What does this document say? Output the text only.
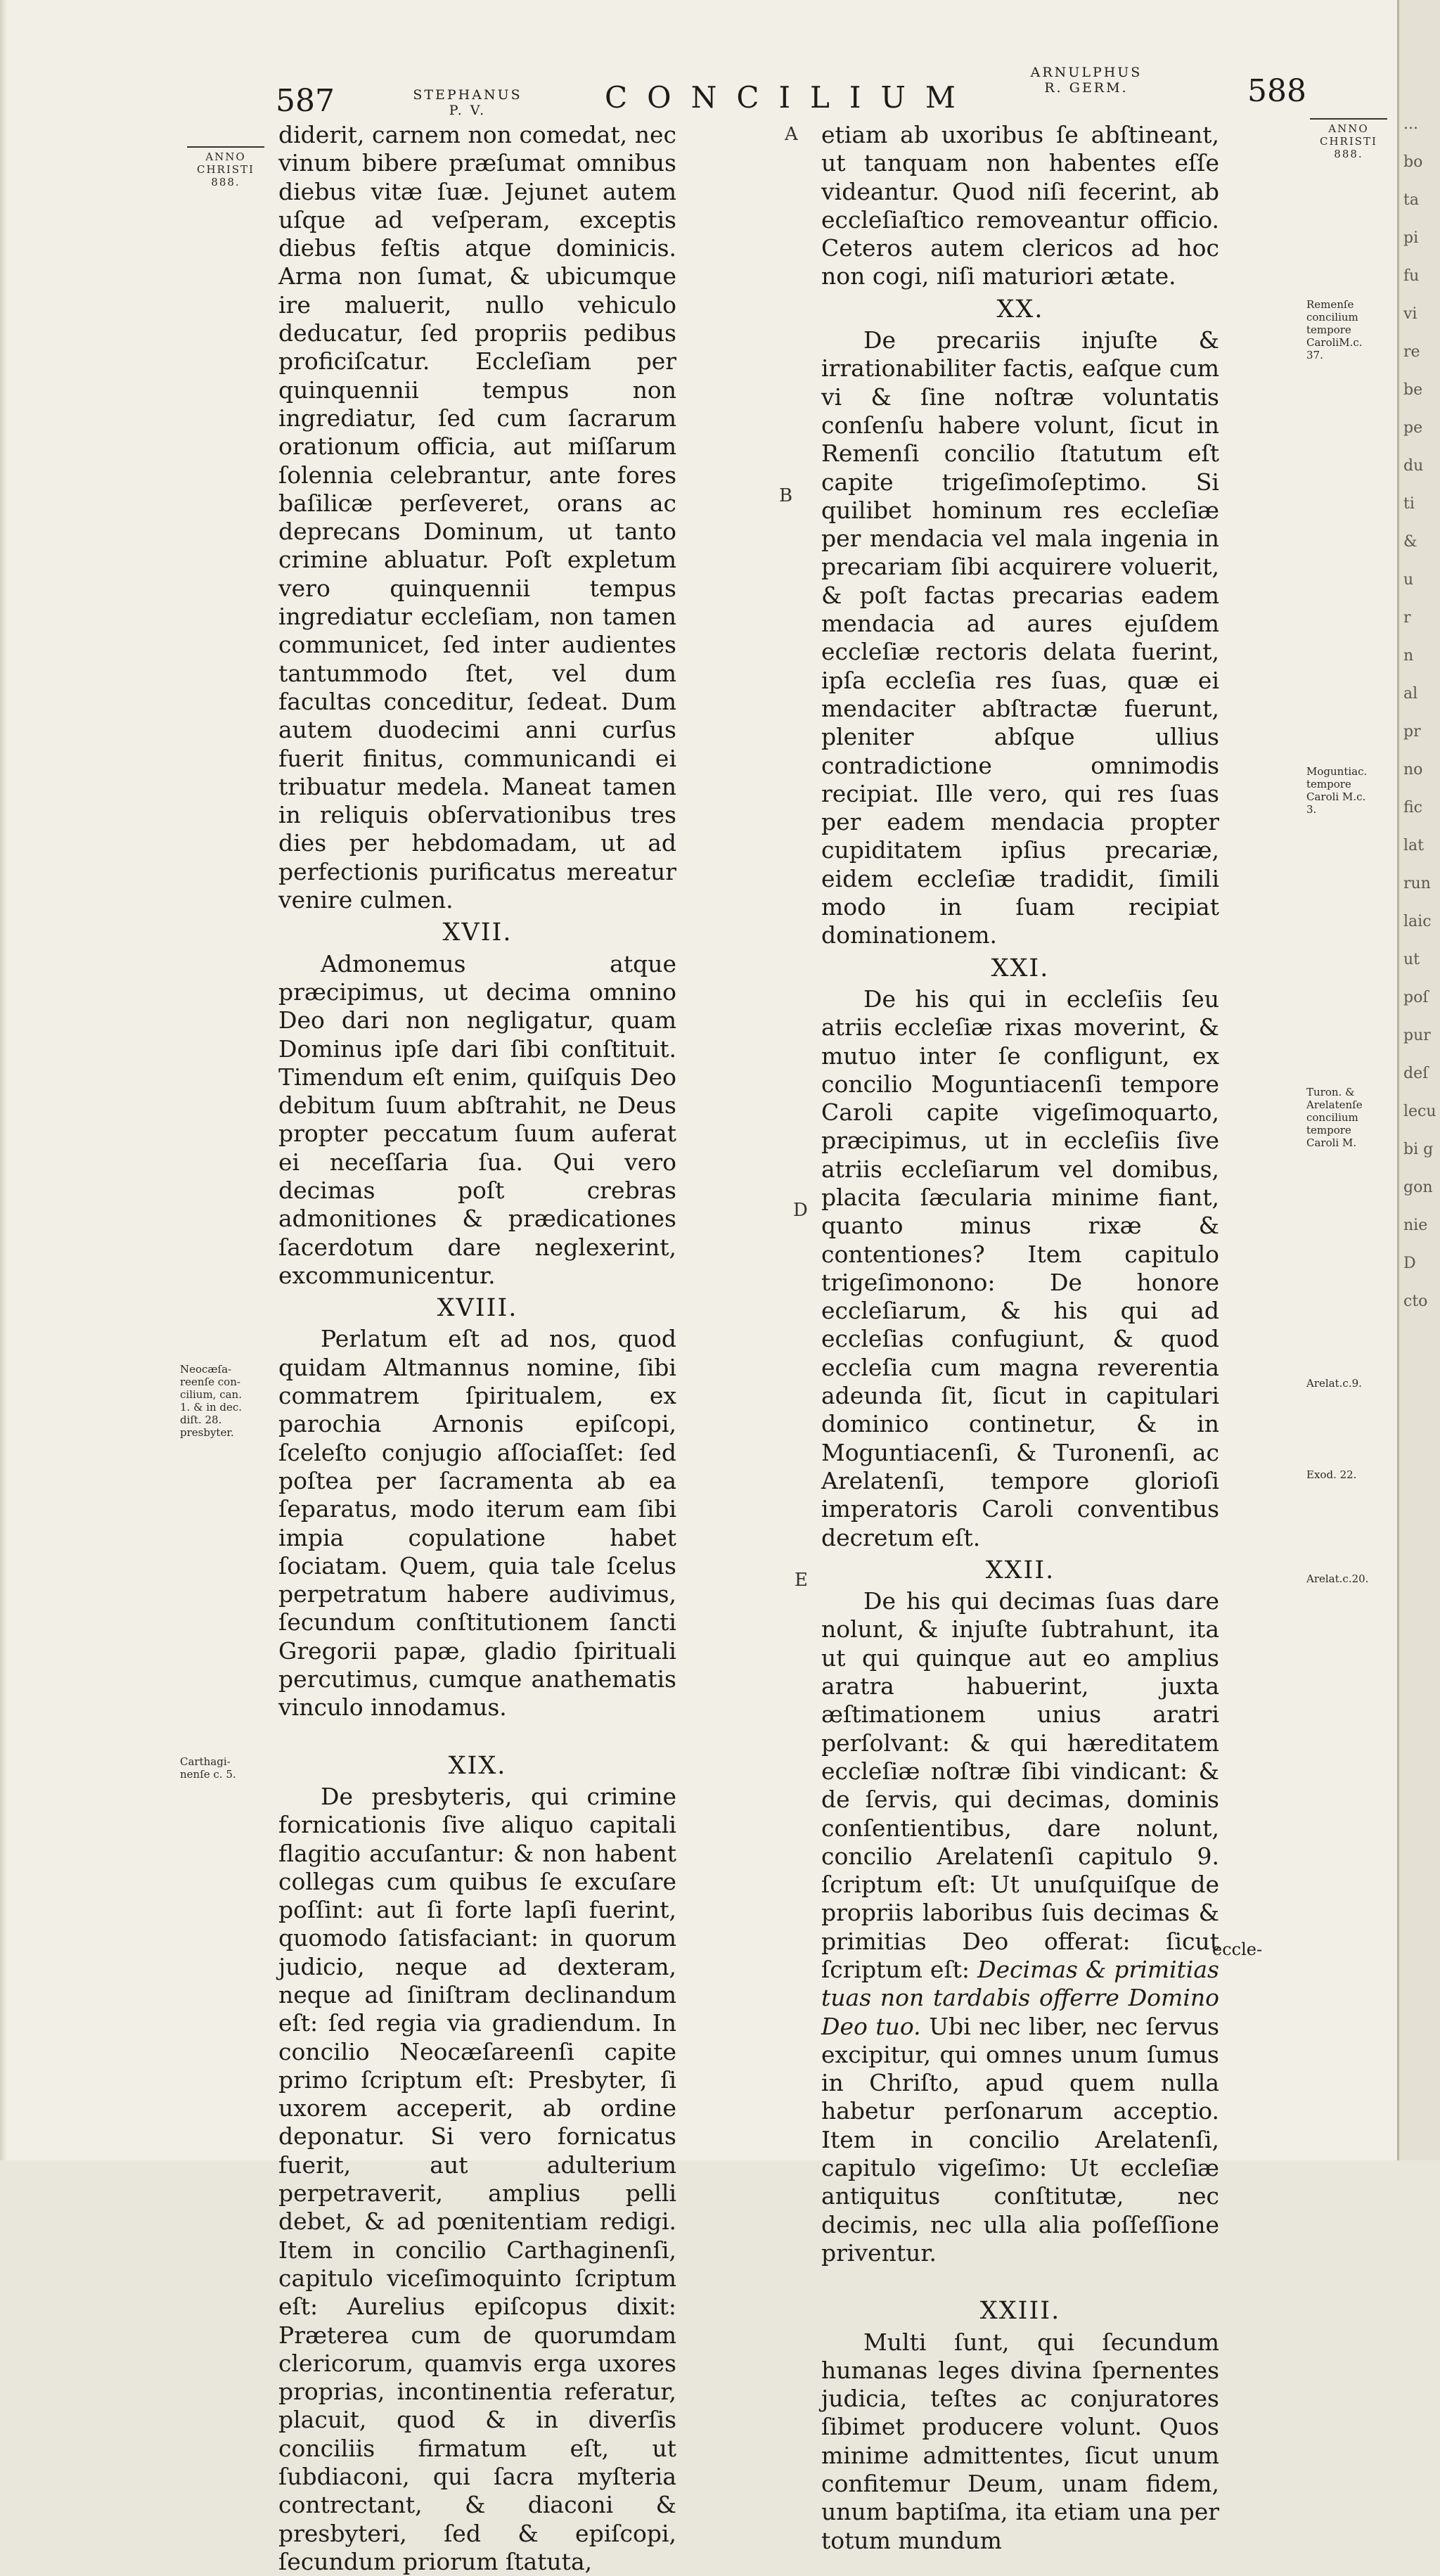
587	STEPHANUS
P. V.	CONCILIUM
ARNULPHUS
R. GERM.	588
ANNO
CHRISTI
888.
Neocæſa-
reenſe con-
cilium, can.
1. & in dec.
diſt. 28.
presbyter.
Carthagi-
nenſe c. 5.
ANNO
CHRISTI
888.
Remenſe
concilium
tempore
CaroliM.c.
37.
Moguntiac.
tempore
Caroli M.c.
3.
Turon. &
Arelatenſe
concilium
tempore
Caroli M.
Arelat.c.9.
Exod. 22.
Arelat.c.20.
A
B
D
E

diderit, carnem non comedat, nec vinum bibere præſumat omnibus diebus vitæ ſuæ. Jejunet autem uſque ad veſperam, exceptis diebus feſtis atque dominicis. Arma non ſumat, & ubicumque ire maluerit, nullo vehiculo deducatur, ſed propriis pedibus proficiſcatur. Eccleſiam per quinquennii tempus non ingrediatur, ſed cum ſacrarum orationum officia, aut miſſarum ſolennia celebrantur, ante fores baſilicæ perſeveret, orans ac deprecans Dominum, ut tanto crimine abluatur. Poſt expletum vero quinquennii tempus ingrediatur eccleſiam, non tamen communicet, ſed inter audientes tantummodo ſtet, vel dum facultas conceditur, ſedeat. Dum autem duodecimi anni curſus fuerit finitus, communicandi ei tribuatur medela. Maneat tamen in reliquis obſervationibus tres dies per hebdomadam, ut ad perfectionis purificatus mereatur venire culmen.

XVII.

Admonemus atque præcipimus, ut decima omnino Deo dari non negligatur, quam Dominus ipſe dari ſibi conſtituit. Timendum eſt enim, quiſquis Deo debitum ſuum abſtrahit, ne Deus propter peccatum ſuum auferat ei neceſſaria ſua. Qui vero decimas poſt crebras admonitiones & prædicationes ſacerdotum dare neglexerint, excommunicentur.

XVIII.

Perlatum eſt ad nos, quod quidam Altmannus nomine, ſibi commatrem ſpiritualem, ex parochia Arnonis epiſcopi, ſceleſto conjugio aſſociaſſet: ſed poſtea per ſacramenta ab ea ſeparatus, modo iterum eam ſibi impia copulatione habet ſociatam. Quem, quia tale ſcelus perpetratum habere audivimus, ſecundum conſtitutionem ſancti Gregorii papæ, gladio ſpirituali percutimus, cumque anathematis vinculo innodamus.

XIX.

De presbyteris, qui crimine fornicationis ſive aliquo capitali flagitio accuſantur: & non habent collegas cum quibus ſe excuſare poſſint: aut ſi forte lapſi fuerint, quomodo ſatisfaciant: in quorum judicio, neque ad dexteram, neque ad ſiniſtram declinandum eſt: ſed regia via gradiendum. In concilio Neocæſareenſi capite primo ſcriptum eſt: Presbyter, ſi uxorem acceperit, ab ordine deponatur. Si vero fornicatus fuerit, aut adulterium perpetraverit, amplius pelli debet, & ad pœnitentiam redigi. Item in concilio Carthaginenſi, capitulo viceſimoquinto ſcriptum eſt: Aurelius epiſcopus dixit: Prætereа cum de quorumdam clericorum, quamvis erga uxores proprias, incontinentia referatur, placuit, quod & in diverſis conciliis firmatum eſt, ut ſubdiaconi, qui ſacra myſteria contrectant, & diaconi & presbyteri, ſed & epiſcopi, ſecundum priorum ſtatuta,

etiam ab uxoribus ſe abſtineant, ut tanquam non habentes eſſe videantur. Quod niſi fecerint, ab eccleſiaſtico removeantur officio. Ceteros autem clericos ad hoc non cogi, niſi maturiori ætate.

XX.

De precariis injuſte & irrationabiliter factis, eaſque cum vi & ſine noſtræ voluntatis conſenſu habere volunt, ſicut in Remenſi concilio ſtatutum eſt capite trigeſimoſeptimo. Si quilibet hominum res eccleſiæ per mendacia vel mala ingenia in precariam ſibi acquirere voluerit, & poſt factas precarias eadem mendacia ad aures ejuſdem eccleſiæ rectoris delata fuerint, ipſa eccleſia res ſuas, quæ ei mendaciter abſtractæ fuerunt, pleniter abſque ullius contradictione omnimodis recipiat. Ille vero, qui res ſuas per eadem mendacia propter cupiditatem ipſius precariæ, eidem eccleſiæ tradidit, ſimili modo in ſuam recipiat dominationem.

XXI.

De his qui in eccleſiis ſeu atriis eccleſiæ rixas moverint, & mutuo inter ſe confligunt, ex concilio Moguntiacenſi tempore Caroli capite vigeſimoquarto, præcipimus, ut in eccleſiis ſive atriis eccleſiarum vel domibus, placita ſæcularia minime fiant, quanto minus rixæ & contentiones? Item capitulo trigeſimonono: De honore eccleſiarum, & his qui ad eccleſias confugiunt, & quod eccleſia cum magna reverentia adeunda ſit, ſicut in capitulari dominico continetur, & in Moguntiacenſi, & Turonenſi, ac Arelatenſi, tempore glorioſi imperatoris Caroli conventibus decretum eſt.

XXII.

De his qui decimas ſuas dare nolunt, & injuſte ſubtrahunt, ita ut qui quinque aut eo amplius aratra habuerint, juxta æſtimationem unius aratri perſolvant: & qui hæreditatem eccleſiæ noſtræ ſibi vindicant: & de ſervis, qui decimas, dominis conſentientibus, dare nolunt, concilio Arelatenſi capitulo 9. ſcriptum eſt: Ut unuſquiſque de propriis laboribus ſuis decimas & primitias Deo offerat: ſicut ſcriptum eſt: Decimas & primitias tuas non tardabis offerre Domino Deo tuo. Ubi nec liber, nec ſervus excipitur, qui omnes unum ſumus in Chriſto, apud quem nulla habetur perſonarum acceptio. Item in concilio Arelatenſi, capitulo vigeſimo: Ut eccleſiæ antiquitus conſtitutæ, nec decimis, nec ulla alia poſſeſſione priventur.

XXIII.

Multi ſunt, qui ſecundum humanas leges divina ſpernentes judicia, teſtes ac conjuratores ſibimet producere volunt. Quos minime admittentes, ſicut unum confitemur Deum, unam fidem, unum baptiſma, ita etiam una per totum mundum

eccle-
...
bo
ta
pi
fu
vi
re
be
pe
du
ti
&
u
r
n
al
pr
no
fic
lat
run
laic
ut
poſ
pur
deſ
lecu
bi g
gon
nie
D
cto
